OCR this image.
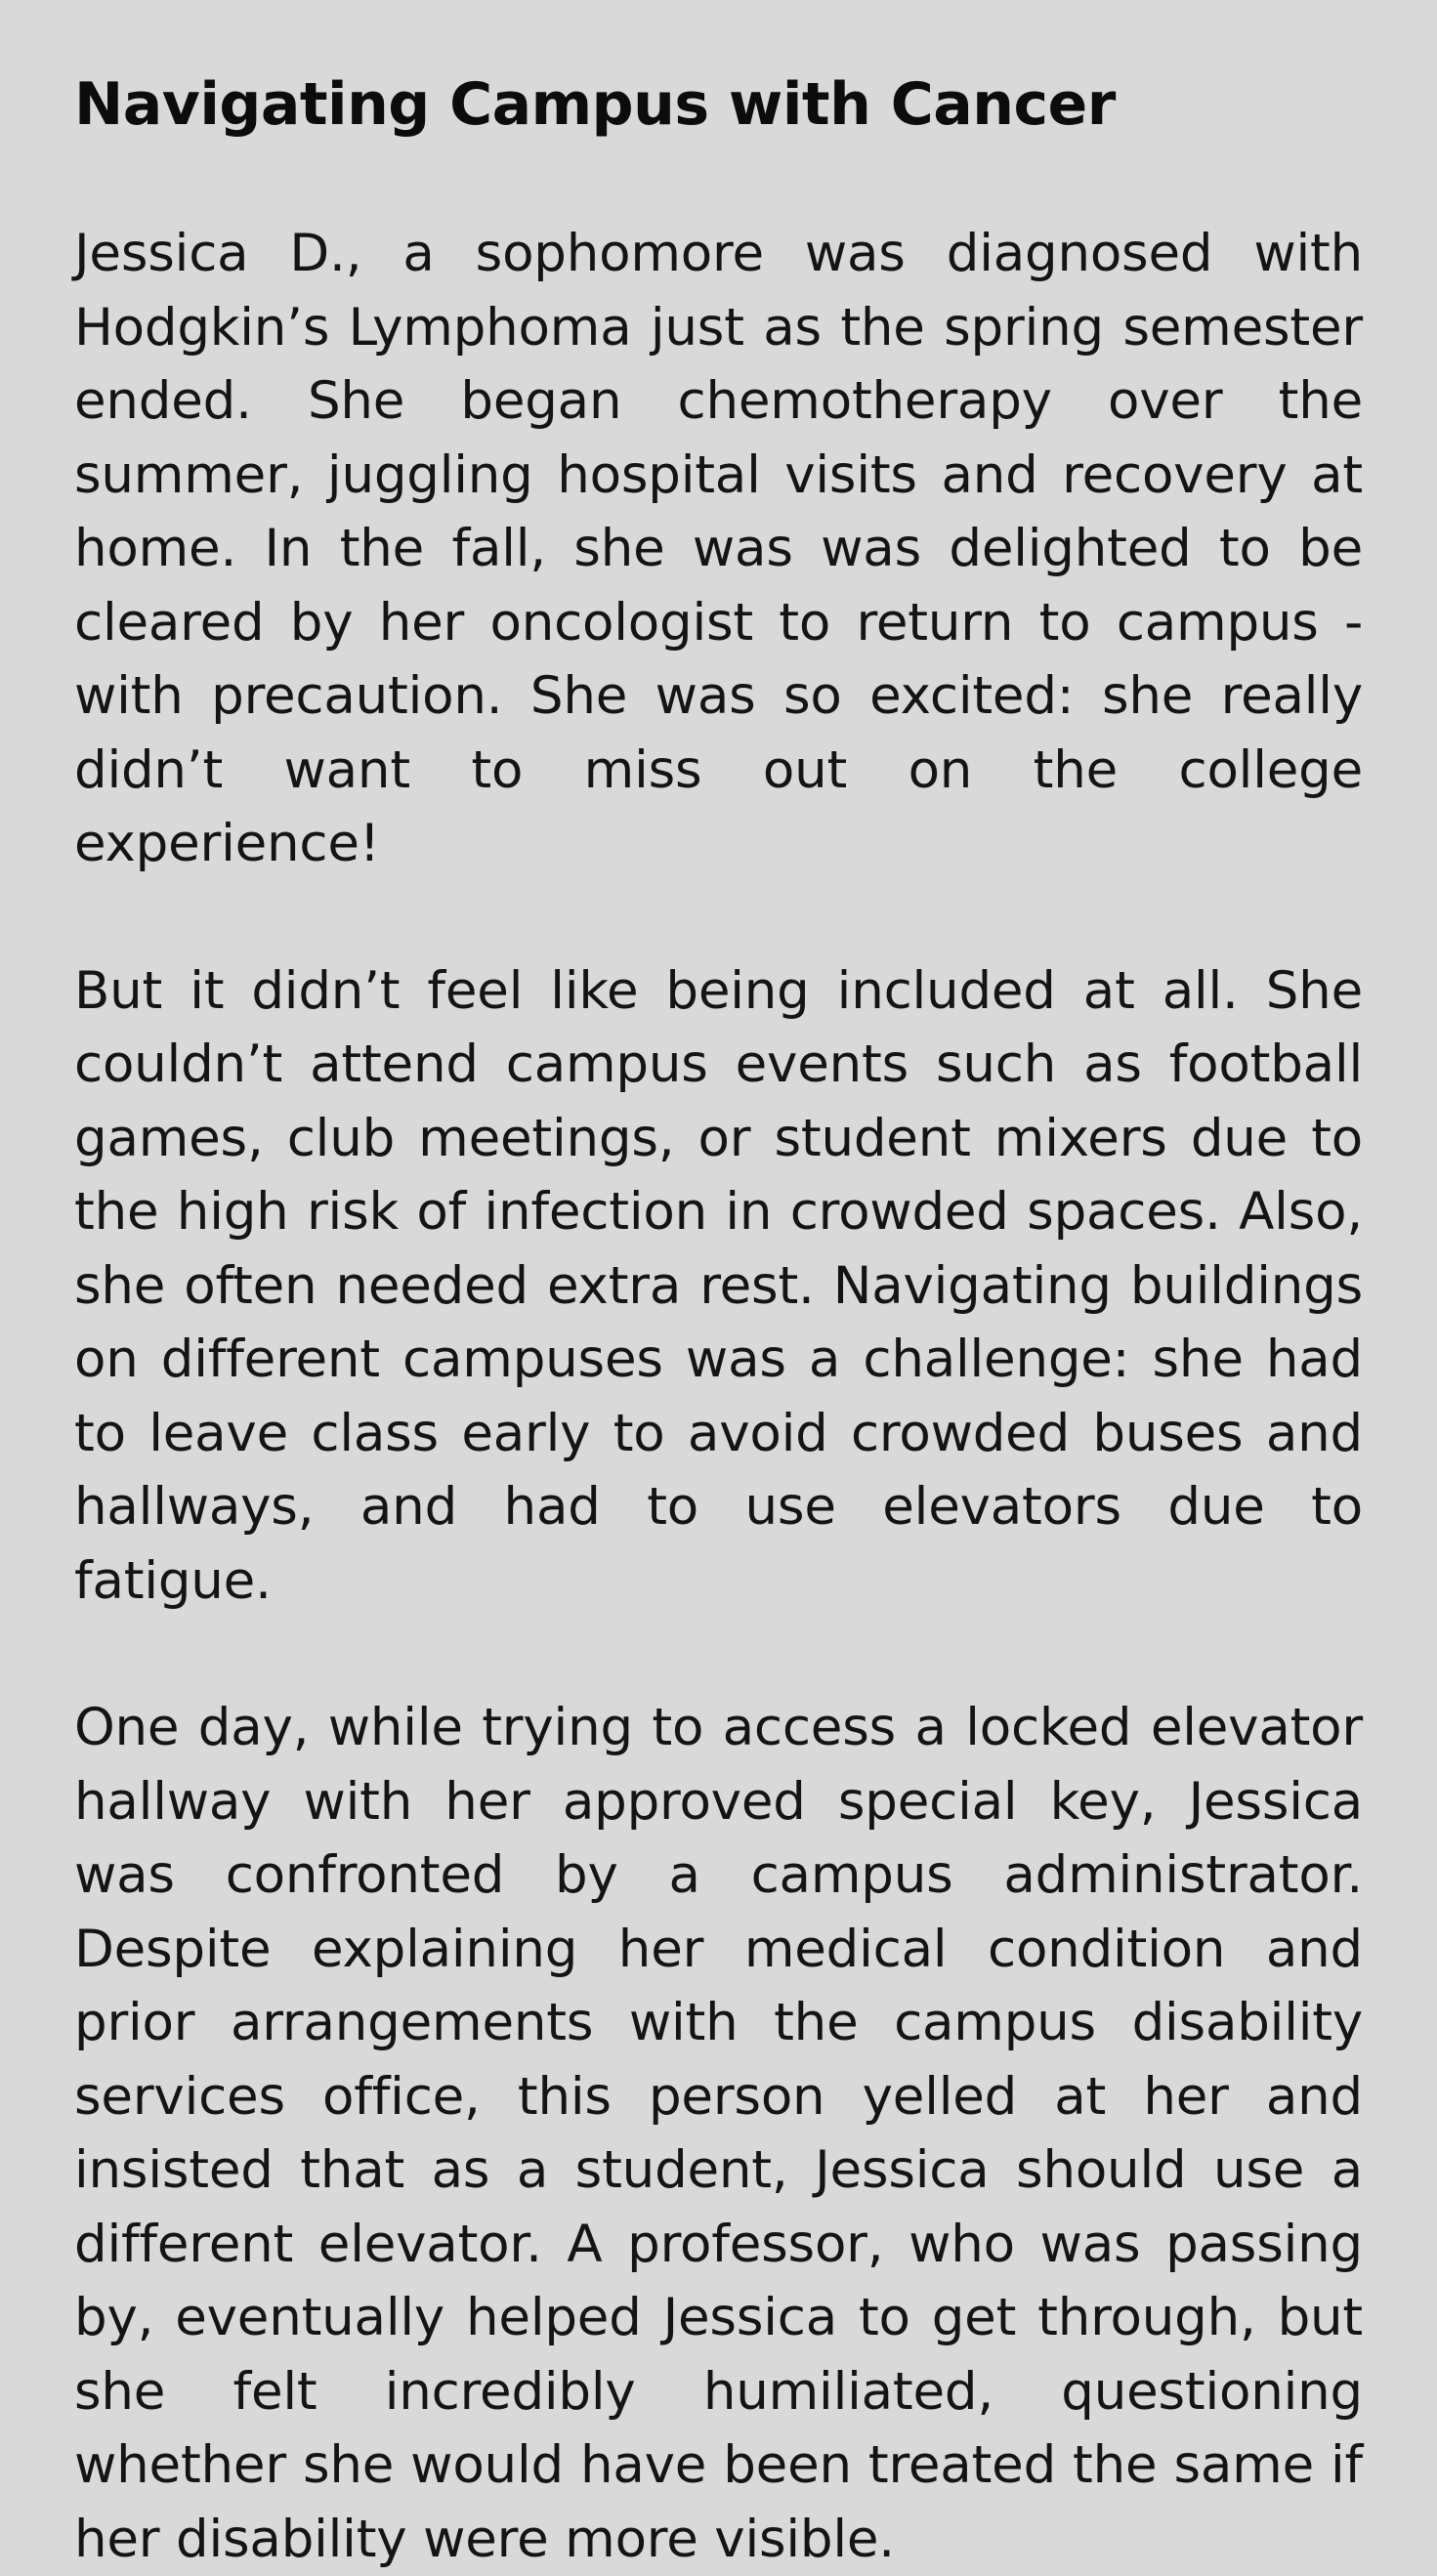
Navigating Campus with Cancer

Jessica D., a sophomore was diagnosed with Hodgkin’s Lymphoma just as the spring semester ended. She began chemotherapy over the summer, juggling hospital visits and recovery at home. In the fall, she was was delighted to be cleared by her oncologist to return to campus - with precaution. She was so excited: she really didn’t want to miss out on the college experience!

But it didn’t feel like being included at all. She couldn’t attend campus events such as football games, club meetings, or student mixers due to the high risk of infection in crowded spaces. Also, she often needed extra rest. Navigating buildings on different campuses was a challenge: she had to leave class early to avoid crowded buses and hallways, and had to use elevators due to fatigue.

One day, while trying to access a locked elevator hallway with her approved special key, Jessica was confronted by a campus administrator. Despite explaining her medical condition and prior arrangements with the campus disability services office, this person yelled at her and insisted that as a student, Jessica should use a different elevator. A professor, who was passing by, eventually helped Jessica to get through, but she felt incredibly humiliated, questioning whether she would have been treated the same if her disability were more visible.
